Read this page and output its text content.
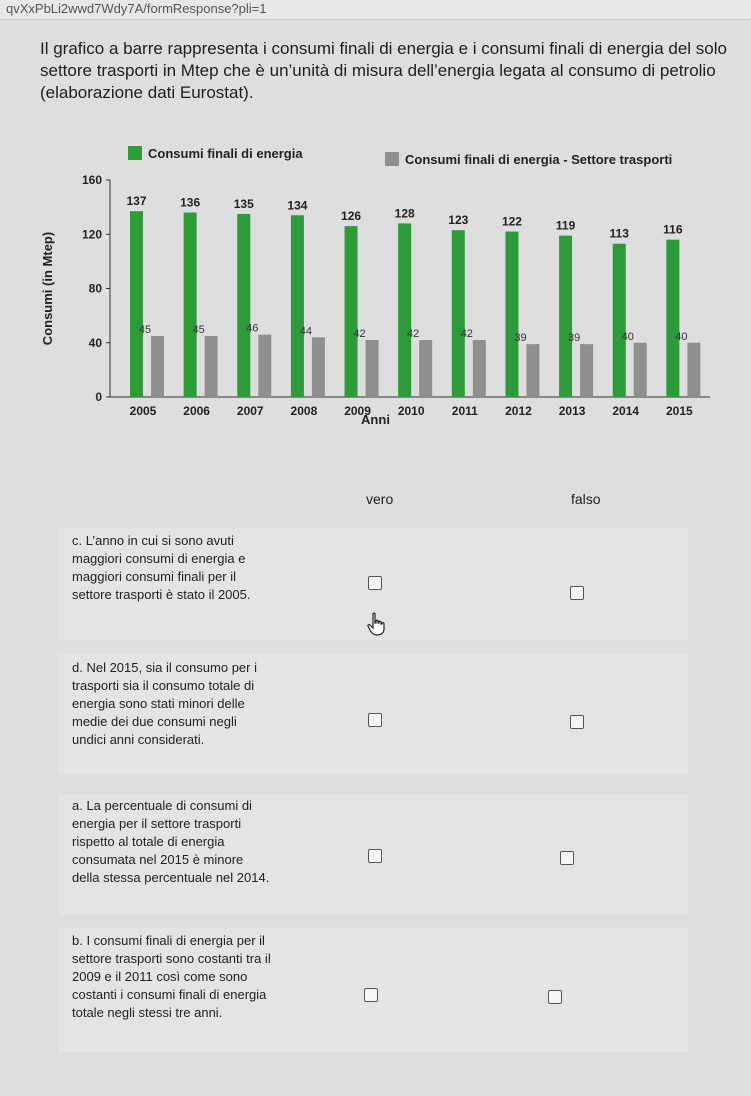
qvXxPbLi2wwd7Wdy7A/formResponse?pli=1
Il grafico a barre rappresenta i consumi finali di energia e i consumi finali di energia del solo settore trasporti in Mtep che è un’unità di misura dell’energia legata al consumo di petrolio (elaborazione dati Eurostat).
Consumi finali di energia	Consumi finali di energia - Settore trasporti
0
40
80
120
160
Consumi (in Mtep)
137
45
2005
136
45
2006
135
46
2007
134
44
2008
126
42
2009
128
42
2010
123
42
2011
122
39
2012
119
39
2013
113
40
2014
116
40
2015
Anni
vero	falso
c. L’anno in cui si sono avuti maggiori consumi di energia e maggiori consumi finali per il settore trasporti è stato il 2005.
d. Nel 2015, sia il consumo per i trasporti sia il consumo totale di energia sono stati minori delle medie dei due consumi negli undici anni considerati.
a. La percentuale di consumi di energia per il settore trasporti rispetto al totale di energia consumata nel 2015 è minore della stessa percentuale nel 2014.
b. I consumi finali di energia per il settore trasporti sono costanti tra il 2009 e il 2011 così come sono costanti i consumi finali di energia totale negli stessi tre anni.
